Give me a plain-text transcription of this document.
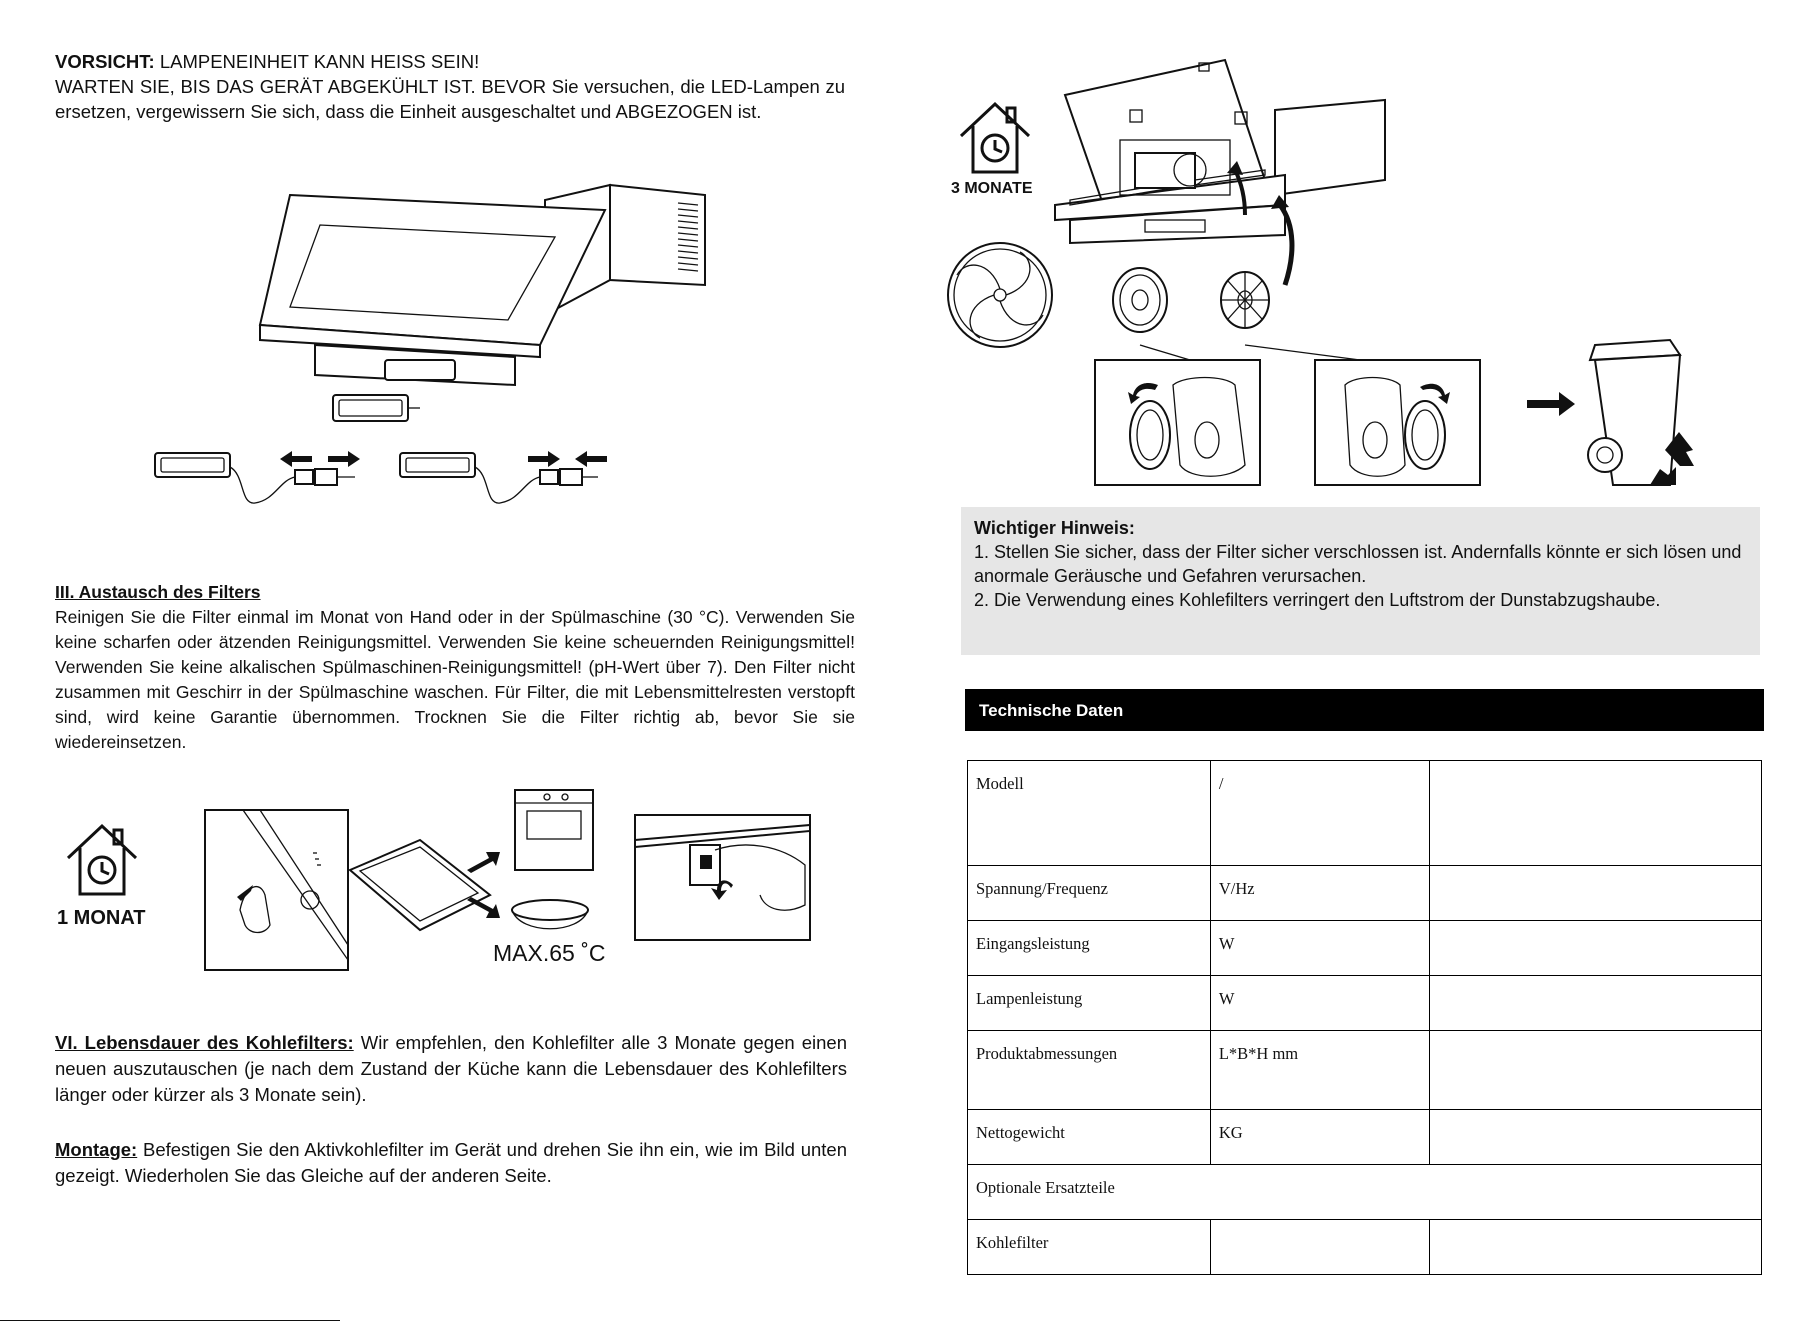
VORSICHT: LAMPENEINHEIT KANN HEISS SEIN!

WARTEN SIE, BIS DAS GERÄT ABGEKÜHLT IST. BEVOR Sie versuchen, die LED-Lampen zu ersetzen, vergewissern Sie sich, dass die Einheit ausgeschaltet und ABGEZOGEN ist.

III. Austausch des Filters

Reinigen Sie die Filter einmal im Monat von Hand oder in der Spülmaschine (30 °C). Verwenden Sie keine scharfen oder ätzenden Reinigungsmittel. Verwenden Sie keine scheuernden Reinigungsmittel! Verwenden Sie keine alkalischen Spülmaschinen-Reinigungsmittel! (pH-Wert über 7). Den Filter nicht zusammen mit Geschirr in der Spülmaschine waschen. Für Filter, die mit Lebensmittelresten verstopft sind, wird keine Garantie übernommen. Trocknen Sie die Filter richtig ab, bevor Sie sie wiedereinsetzen.

1 MONAT
MAX.65 ˚C

VI. Lebensdauer des Kohlefilters: Wir empfehlen, den Kohlefilter alle 3 Monate gegen einen neuen auszutauschen (je nach dem Zustand der Küche kann die Lebensdauer des Kohlefilters länger oder kürzer als 3 Monate sein).

Montage: Befestigen Sie den Aktivkohlefilter im Gerät und drehen Sie ihn ein, wie im Bild unten gezeigt. Wiederholen Sie das Gleiche auf der anderen Seite.

3 MONATE

Wichtiger Hinweis:

1. Stellen Sie sicher, dass der Filter sicher verschlossen ist. Andernfalls könnte er sich lösen und anormale Geräusche und Gefahren verursachen.

2. Die Verwendung eines Kohlefilters verringert den Luftstrom der Dunstabzugshaube.

Technische Daten
Modell	/	
Spannung/Frequenz	V/Hz	
Eingangsleistung	W	
Lampenleistung	W	
Produktabmessungen	L*B*H mm	
Nettogewicht	KG	
Optionale Ersatzteile		
Kohlefilter		
